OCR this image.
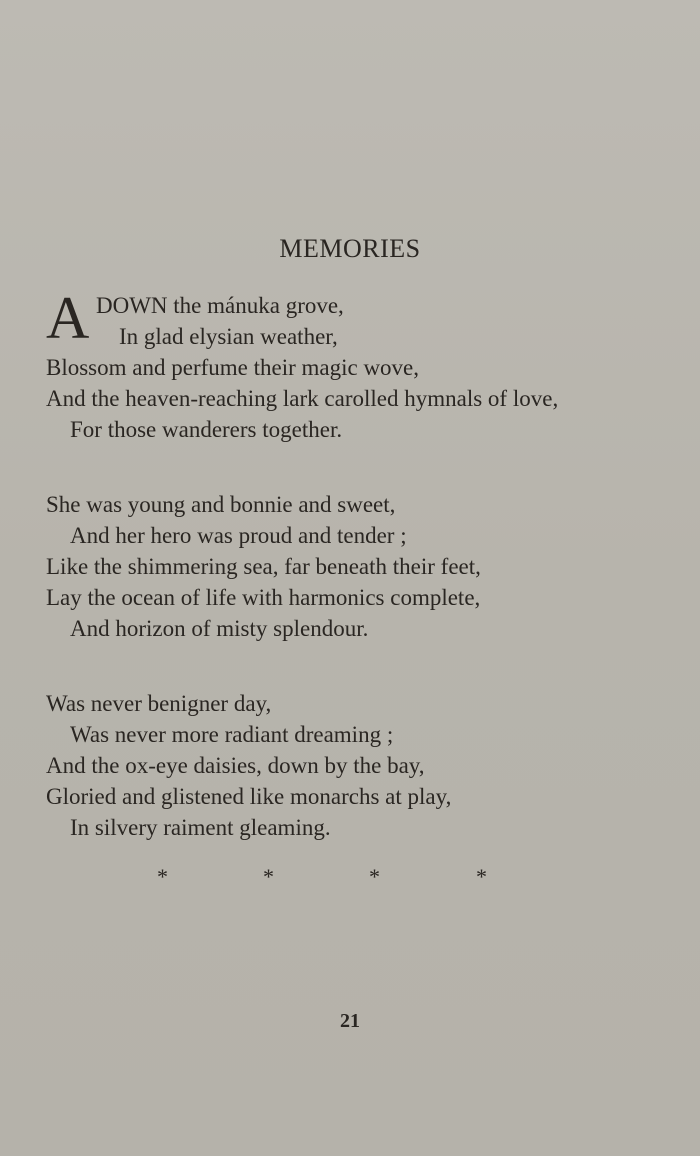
MEMORIES
A DOWN the mánuka grove,
In glad elysian weather,
Blossom and perfume their magic wove,
And the heaven-reaching lark carolled hymnals of love,
For those wanderers together.
She was young and bonnie and sweet,
And her hero was proud and tender ;
Like the shimmering sea, far beneath their feet,
Lay the ocean of life with harmonics complete,
And horizon of misty splendour.
Was never benigner day,
Was never more radiant dreaming ;
And the ox-eye daisies, down by the bay,
Gloried and glistened like monarchs at play,
In silvery raiment gleaming.
*	*	*	*
21
